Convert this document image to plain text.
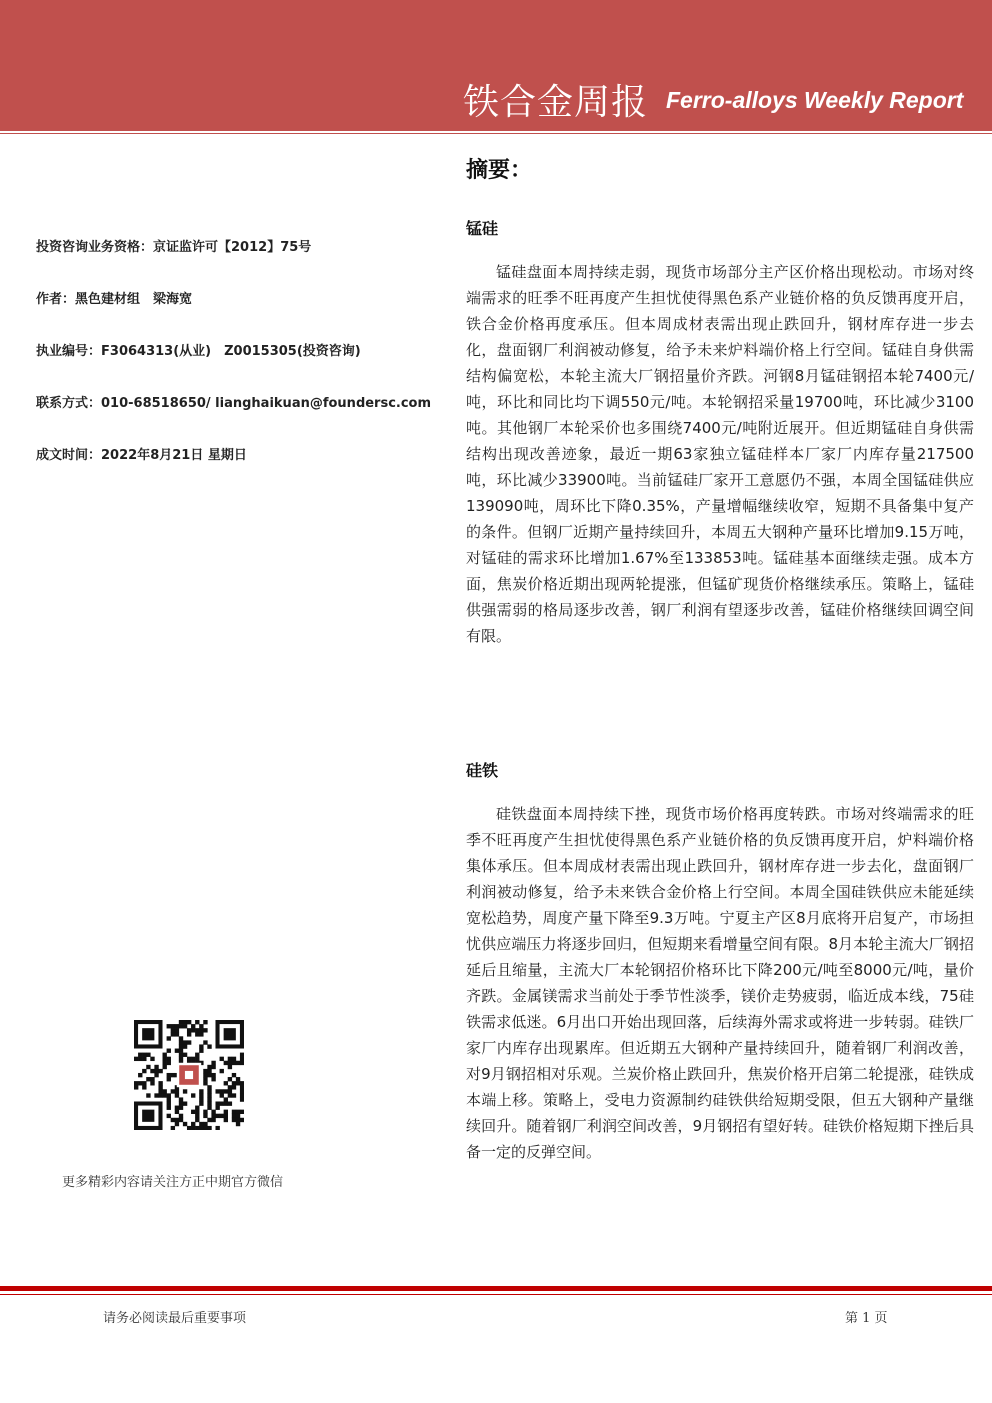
铁合金周报 Ferro-alloys Weekly Report
投资咨询业务资格：京证监许可【2012】75号
作者：黑色建材组　梁海宽
执业编号：F3064313(从业)　Z0015305(投资咨询)
联系方式：010-68518650/ lianghaikuan@foundersc.com
成文时间：2022年8月21日 星期日
更多精彩内容请关注方正中期官方微信
摘要：
锰硅
锰硅盘面本周持续走弱，现货市场部分主产区价格出现松动。市场对终端需求的旺季不旺再度产生担忧使得黑色系产业链价格的负反馈再度开启，铁合金价格再度承压。但本周成材表需出现止跌回升，钢材库存进一步去化，盘面钢厂利润被动修复，给予未来炉料端价格上行空间。锰硅自身供需结构偏宽松，本轮主流大厂钢招量价齐跌。河钢8月锰硅钢招本轮7400元/吨，环比和同比均下调550元/吨。本轮钢招采量19700吨，环比减少3100吨。其他钢厂本轮采价也多围绕7400元/吨附近展开。但近期锰硅自身供需结构出现改善迹象，最近一期63家独立锰硅样本厂家厂内库存量217500吨，环比减少33900吨。当前锰硅厂家开工意愿仍不强，本周全国锰硅供应139090吨，周环比下降0.35%，产量增幅继续收窄，短期不具备集中复产的条件。但钢厂近期产量持续回升，本周五大钢种产量环比增加9.15万吨，对锰硅的需求环比增加1.67%至133853吨。锰硅基本面继续走强。成本方面，焦炭价格近期出现两轮提涨，但锰矿现货价格继续承压。策略上，锰硅供强需弱的格局逐步改善，钢厂利润有望逐步改善，锰硅价格继续回调空间有限。
硅铁
硅铁盘面本周持续下挫，现货市场价格再度转跌。市场对终端需求的旺季不旺再度产生担忧使得黑色系产业链价格的负反馈再度开启，炉料端价格集体承压。但本周成材表需出现止跌回升，钢材库存进一步去化，盘面钢厂利润被动修复，给予未来铁合金价格上行空间。本周全国硅铁供应未能延续宽松趋势，周度产量下降至9.3万吨。宁夏主产区8月底将开启复产，市场担忧供应端压力将逐步回归，但短期来看增量空间有限。8月本轮主流大厂钢招延后且缩量，主流大厂本轮钢招价格环比下降200元/吨至8000元/吨，量价齐跌。金属镁需求当前处于季节性淡季，镁价走势疲弱，临近成本线，75硅铁需求低迷。6月出口开始出现回落，后续海外需求或将进一步转弱。硅铁厂家厂内库存出现累库。但近期五大钢种产量持续回升，随着钢厂利润改善，对9月钢招相对乐观。兰炭价格止跌回升，焦炭价格开启第二轮提涨，硅铁成本端上移。策略上，受电力资源制约硅铁供给短期受限，但五大钢种产量继续回升。随着钢厂利润空间改善，9月钢招有望好转。硅铁价格短期下挫后具备一定的反弹空间。
请务必阅读最后重要事项	第 1 页
